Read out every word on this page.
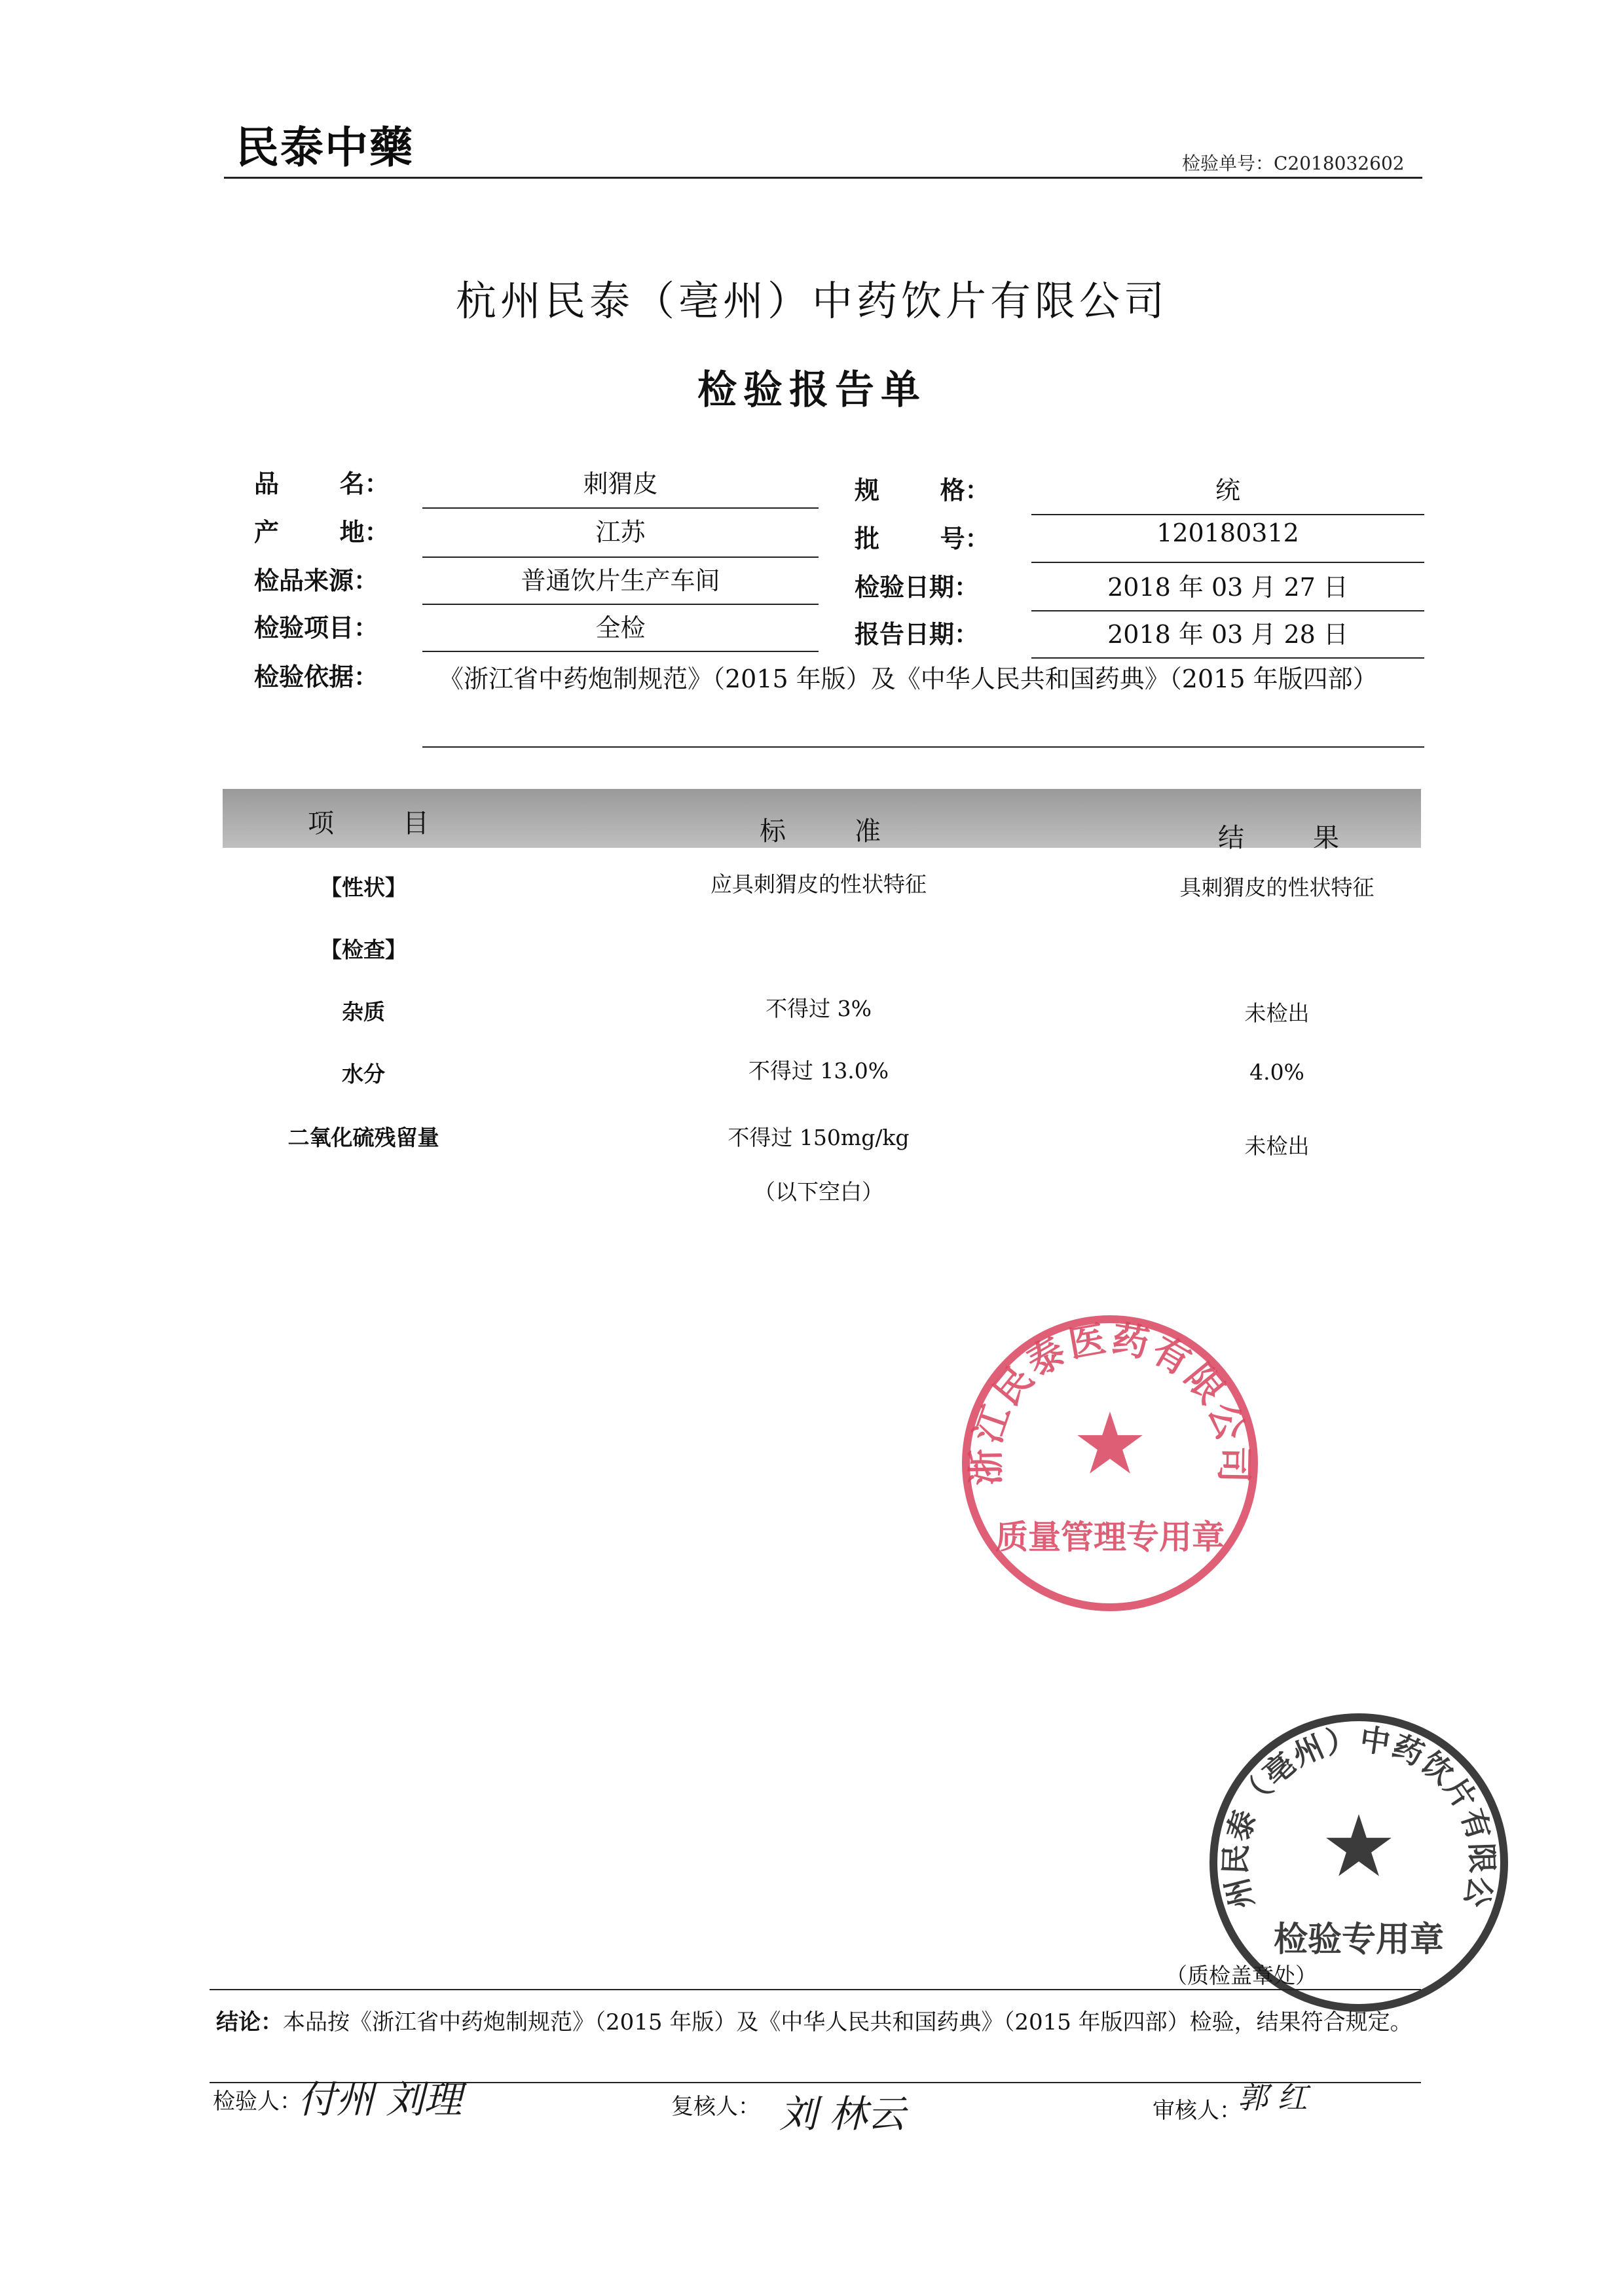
民泰中藥	检验单号：C2018032602
杭州民泰（亳州）中药饮片有限公司
检验报告单
品       名：	刺猬皮	规       格：	统
产       地：	江苏	批       号：	120180312
检品来源：	普通饮片生产车间	检验日期：	2018 年 03 月 27 日
检验项目：	全检	报告日期：	2018 年 03 月 28 日
检验依据： 《浙江省中药炮制规范》（2015 年版）及《中华人民共和国药典》（2015 年版四部）
项       目	标       准	结       果
【性状】	应具刺猬皮的性状特征	具刺猬皮的性状特征
【检查】
杂质	不得过 3%	未检出
水分	不得过 13.0%	4.0%
二氧化硫残留量	不得过 150mg/kg	未检出
（以下空白）
浙江民泰医药有限公司
★
质量管理专用章
州民泰（亳州）中药饮片有限公
★
检验专用章
（质检盖章处）
结论：本品按《浙江省中药炮制规范》（2015 年版）及《中华人民共和国药典》（2015 年版四部）检验，结果符合规定。
检验人：
付州 刘理	复核人： 刘 林云	审核人：
郭 红
